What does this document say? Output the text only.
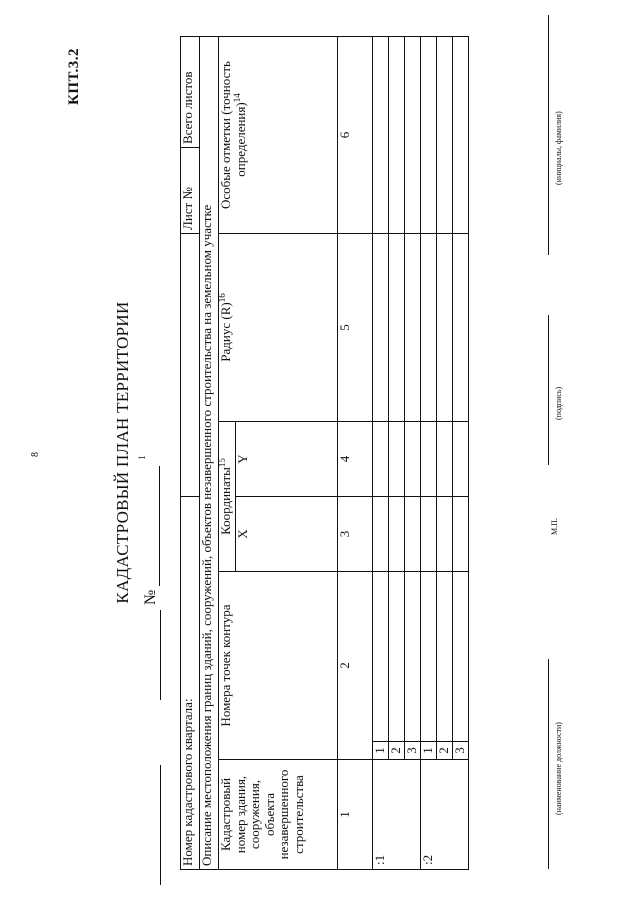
КПТ.3.2
8	КАДАСТРОВЫЙ ПЛАН ТЕРРИТОРИИ №  $^1$
Номер кадастрового квартала:						Лист №	Всего листов
Описание местоположения границ зданий, сооружений, объектов незавершенного строительства на земельном участке							

Кадастровый номер здания, сооружения, объекта незавершенного строительства	Номера точек контура		Координаты$^{15}$		Радиус $(R)^{16}$	Особые отметки (точность определения)$^{14}$
			X	Y			
1	2		3	4	5	6	
:1	1						
	2						
	3						
:2	1						
	2						
	3							(наименование должности)
М.П.
(подпись)
(инициалы, фамилия)
